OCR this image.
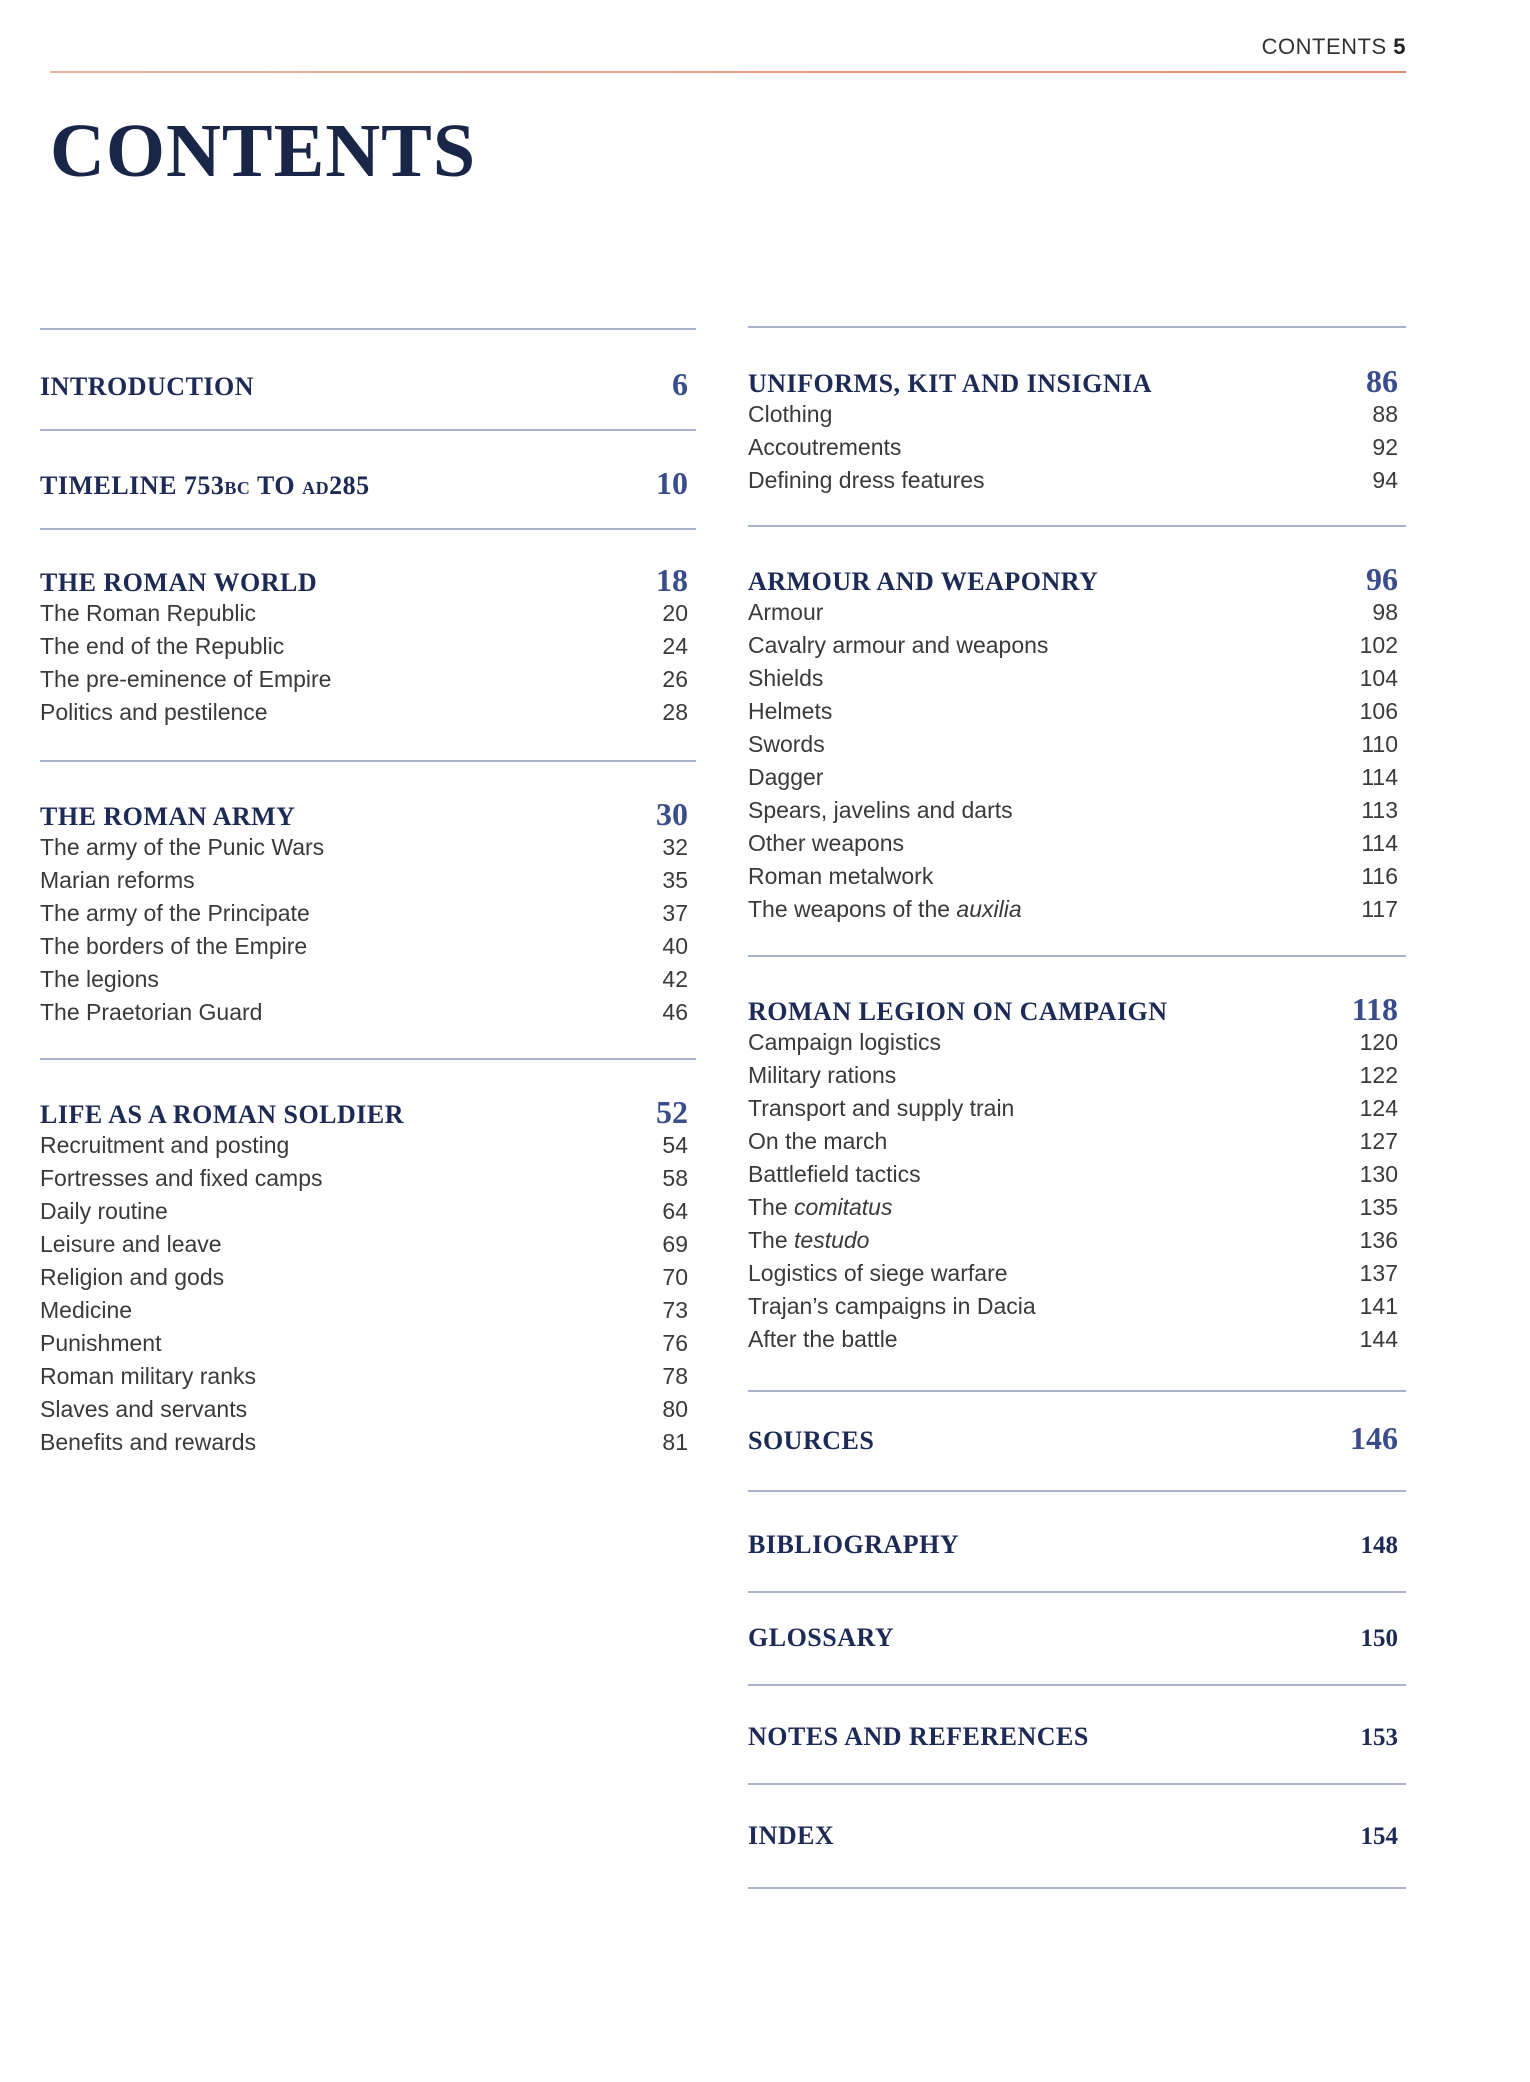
CONTENTS 5
CONTENTS
INTRODUCTION	6
TIMELINE 753bc TO ad285	10
THE ROMAN WORLD	18
The Roman Republic	20
The end of the Republic	24
The pre-eminence of Empire	26
Politics and pestilence	28
THE ROMAN ARMY	30
The army of the Punic Wars	32
Marian reforms	35
The army of the Principate	37
The borders of the Empire	40
The legions	42
The Praetorian Guard	46
LIFE AS A ROMAN SOLDIER	52
Recruitment and posting	54
Fortresses and fixed camps	58
Daily routine	64
Leisure and leave	69
Religion and gods	70
Medicine	73
Punishment	76
Roman military ranks	78
Slaves and servants	80
Benefits and rewards	81
UNIFORMS, KIT AND INSIGNIA	86
Clothing	88
Accoutrements	92
Defining dress features	94
ARMOUR AND WEAPONRY	96
Armour	98
Cavalry armour and weapons	102
Shields	104
Helmets	106
Swords	110
Dagger	114
Spears, javelins and darts	113
Other weapons	114
Roman metalwork	116
The weapons of the auxilia	117
ROMAN LEGION ON CAMPAIGN	118
Campaign logistics	120
Military rations	122
Transport and supply train	124
On the march	127
Battlefield tactics	130
The comitatus	135
The testudo	136
Logistics of siege warfare	137
Trajan’s campaigns in Dacia	141
After the battle	144
SOURCES	146
BIBLIOGRAPHY	148
GLOSSARY	150
NOTES AND REFERENCES	153
INDEX	154
